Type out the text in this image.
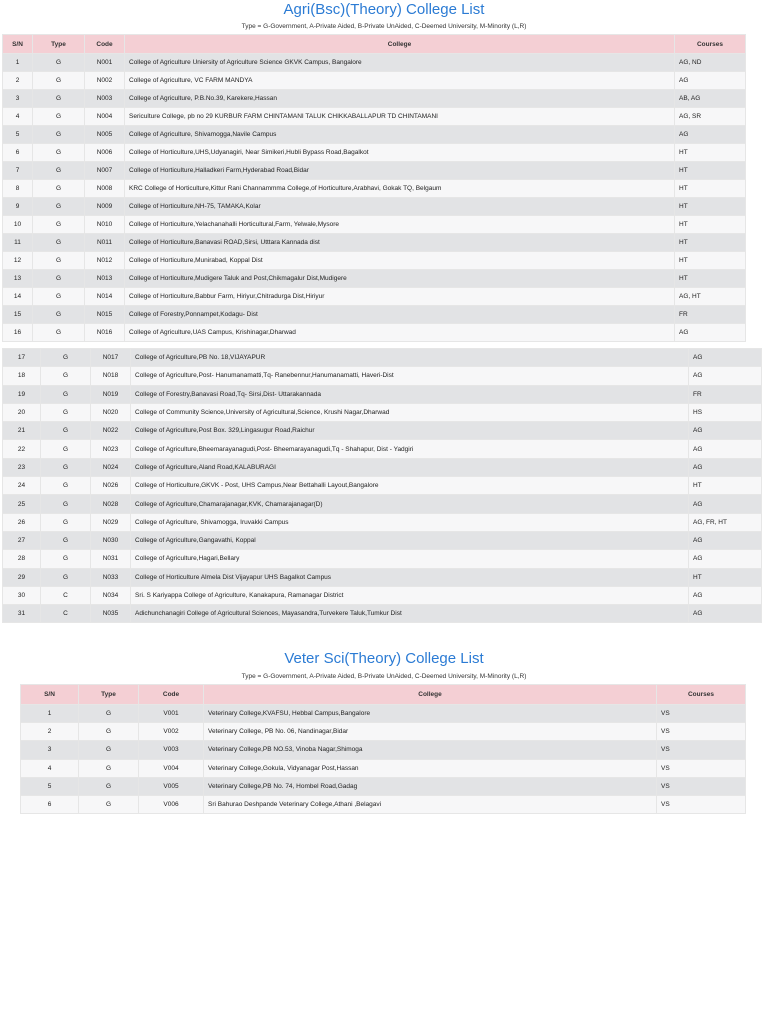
Agri(Bsc)(Theory) College List
Type = G-Government, A-Private Aided, B-Private UnAided, C-Deemed University, M-Minority (L,R)
S/N	Type	Code	College	Courses
1	G	N001	College of Agriculture Uniersity of Agriculture Science GKVK Campus, Bangalore	AG, ND
2	G	N002	College of Agriculture, VC FARM MANDYA	AG
3	G	N003	College of Agriculture, P.B.No.39, Karekere,Hassan	AB, AG
4	G	N004	Sericulture College, pb no 29 KURBUR FARM CHINTAMANI TALUK CHIKKABALLAPUR TD CHINTAMANI	AG, SR
5	G	N005	College of Agriculture, Shivamogga,Navile Campus	AG
6	G	N006	College of Horticulture,UHS,Udyanagiri, Near Simikeri,Hubli Bypass Road,Bagalkot	HT
7	G	N007	College of Horticulture,Halladkeri Farm,Hyderabad Road,Bidar	HT
8	G	N008	KRC College of Horticulture,Kittur Rani Channammma College,of Horticulture,Arabhavi, Gokak TQ, Belgaum	HT
9	G	N009	College of Horticulture,NH-75, TAMAKA,Kolar	HT
10	G	N010	College of Horticulture,Yelachanahalli Horticultural,Farm, Yelwale,Mysore	HT
11	G	N011	College of Horticulture,Banavasi ROAD,Sirsi, Utttara Kannada dist	HT
12	G	N012	College of Horticulture,Munirabad, Koppal Dist	HT
13	G	N013	College of Horticulture,Mudigere Taluk and Post,Chikmagalur Dist,Mudigere	HT
14	G	N014	College of Horticulture,Babbur Farm, Hiriyur,Chitradurga Dist,Hiriyur	AG, HT
15	G	N015	College of Forestry,Ponnampet,Kodagu- Dist	FR
16	G	N016	College of Agriculture,UAS Campus, Krishinagar,Dharwad	AG
17	G	N017	College of Agriculture,PB No. 18,VIJAYAPUR	AG
18	G	N018	College of Agriculture,Post- Hanumanamatti,Tq- Ranebennur,Hanumanamatti, Haveri-Dist	AG
19	G	N019	College of Forestry,Banavasi Road,Tq- Sirsi,Dist- Uttarakannada	FR
20	G	N020	College of Community Science,University of Agricultural,Science, Krushi Nagar,Dharwad	HS
21	G	N022	College of Agriculture,Post Box. 329,Lingasugur Road,Raichur	AG
22	G	N023	College of Agriculture,Bheemarayanagudi,Post- Bheemarayanagudi,Tq - Shahapur, Dist - Yadgiri	AG
23	G	N024	College of Agriculture,Aland Road,KALABURAGI	AG
24	G	N026	College of Horticulture,GKVK - Post, UHS Campus,Near Bettahalli Layout,Bangalore	HT
25	G	N028	College of Agriculture,Chamarajanagar,KVK, Chamarajanagar(D)	AG
26	G	N029	College of Agriculture, Shivamogga, Iruvakki Campus	AG, FR, HT
27	G	N030	College of Agriculture,Gangavathi, Koppal	AG
28	G	N031	College of Agriculture,Hagari,Bellary	AG
29	G	N033	College of Horticulture Almela Dist Vijayapur UHS Bagalkot Campus	HT
30	C	N034	Sri. S Kariyappa College of Agriculture, Kanakapura, Ramanagar District	AG
31	C	N035	Adichunchanagiri College of Agricultural Sciences, Mayasandra,Turvekere Taluk,Tumkur Dist	AG
Veter Sci(Theory) College List
Type = G-Government, A-Private Aided, B-Private UnAided, C-Deemed University, M-Minority (L,R)
S/N	Type	Code	College	Courses
1	G	V001	Veterinary College,KVAFSU, Hebbal Campus,Bangalore	VS
2	G	V002	Veterinary College, PB No. 06, Nandinagar,Bidar	VS
3	G	V003	Veterinary College,PB NO.53, Vinoba Nagar,Shimoga	VS
4	G	V004	Veterinary College,Gokula, Vidyanagar Post,Hassan	VS
5	G	V005	Veterinary College,PB No. 74, Hombel Road,Gadag	VS
6	G	V006	Sri Bahurao Deshpande Veterinary College,Athani ,Belagavi	VS
